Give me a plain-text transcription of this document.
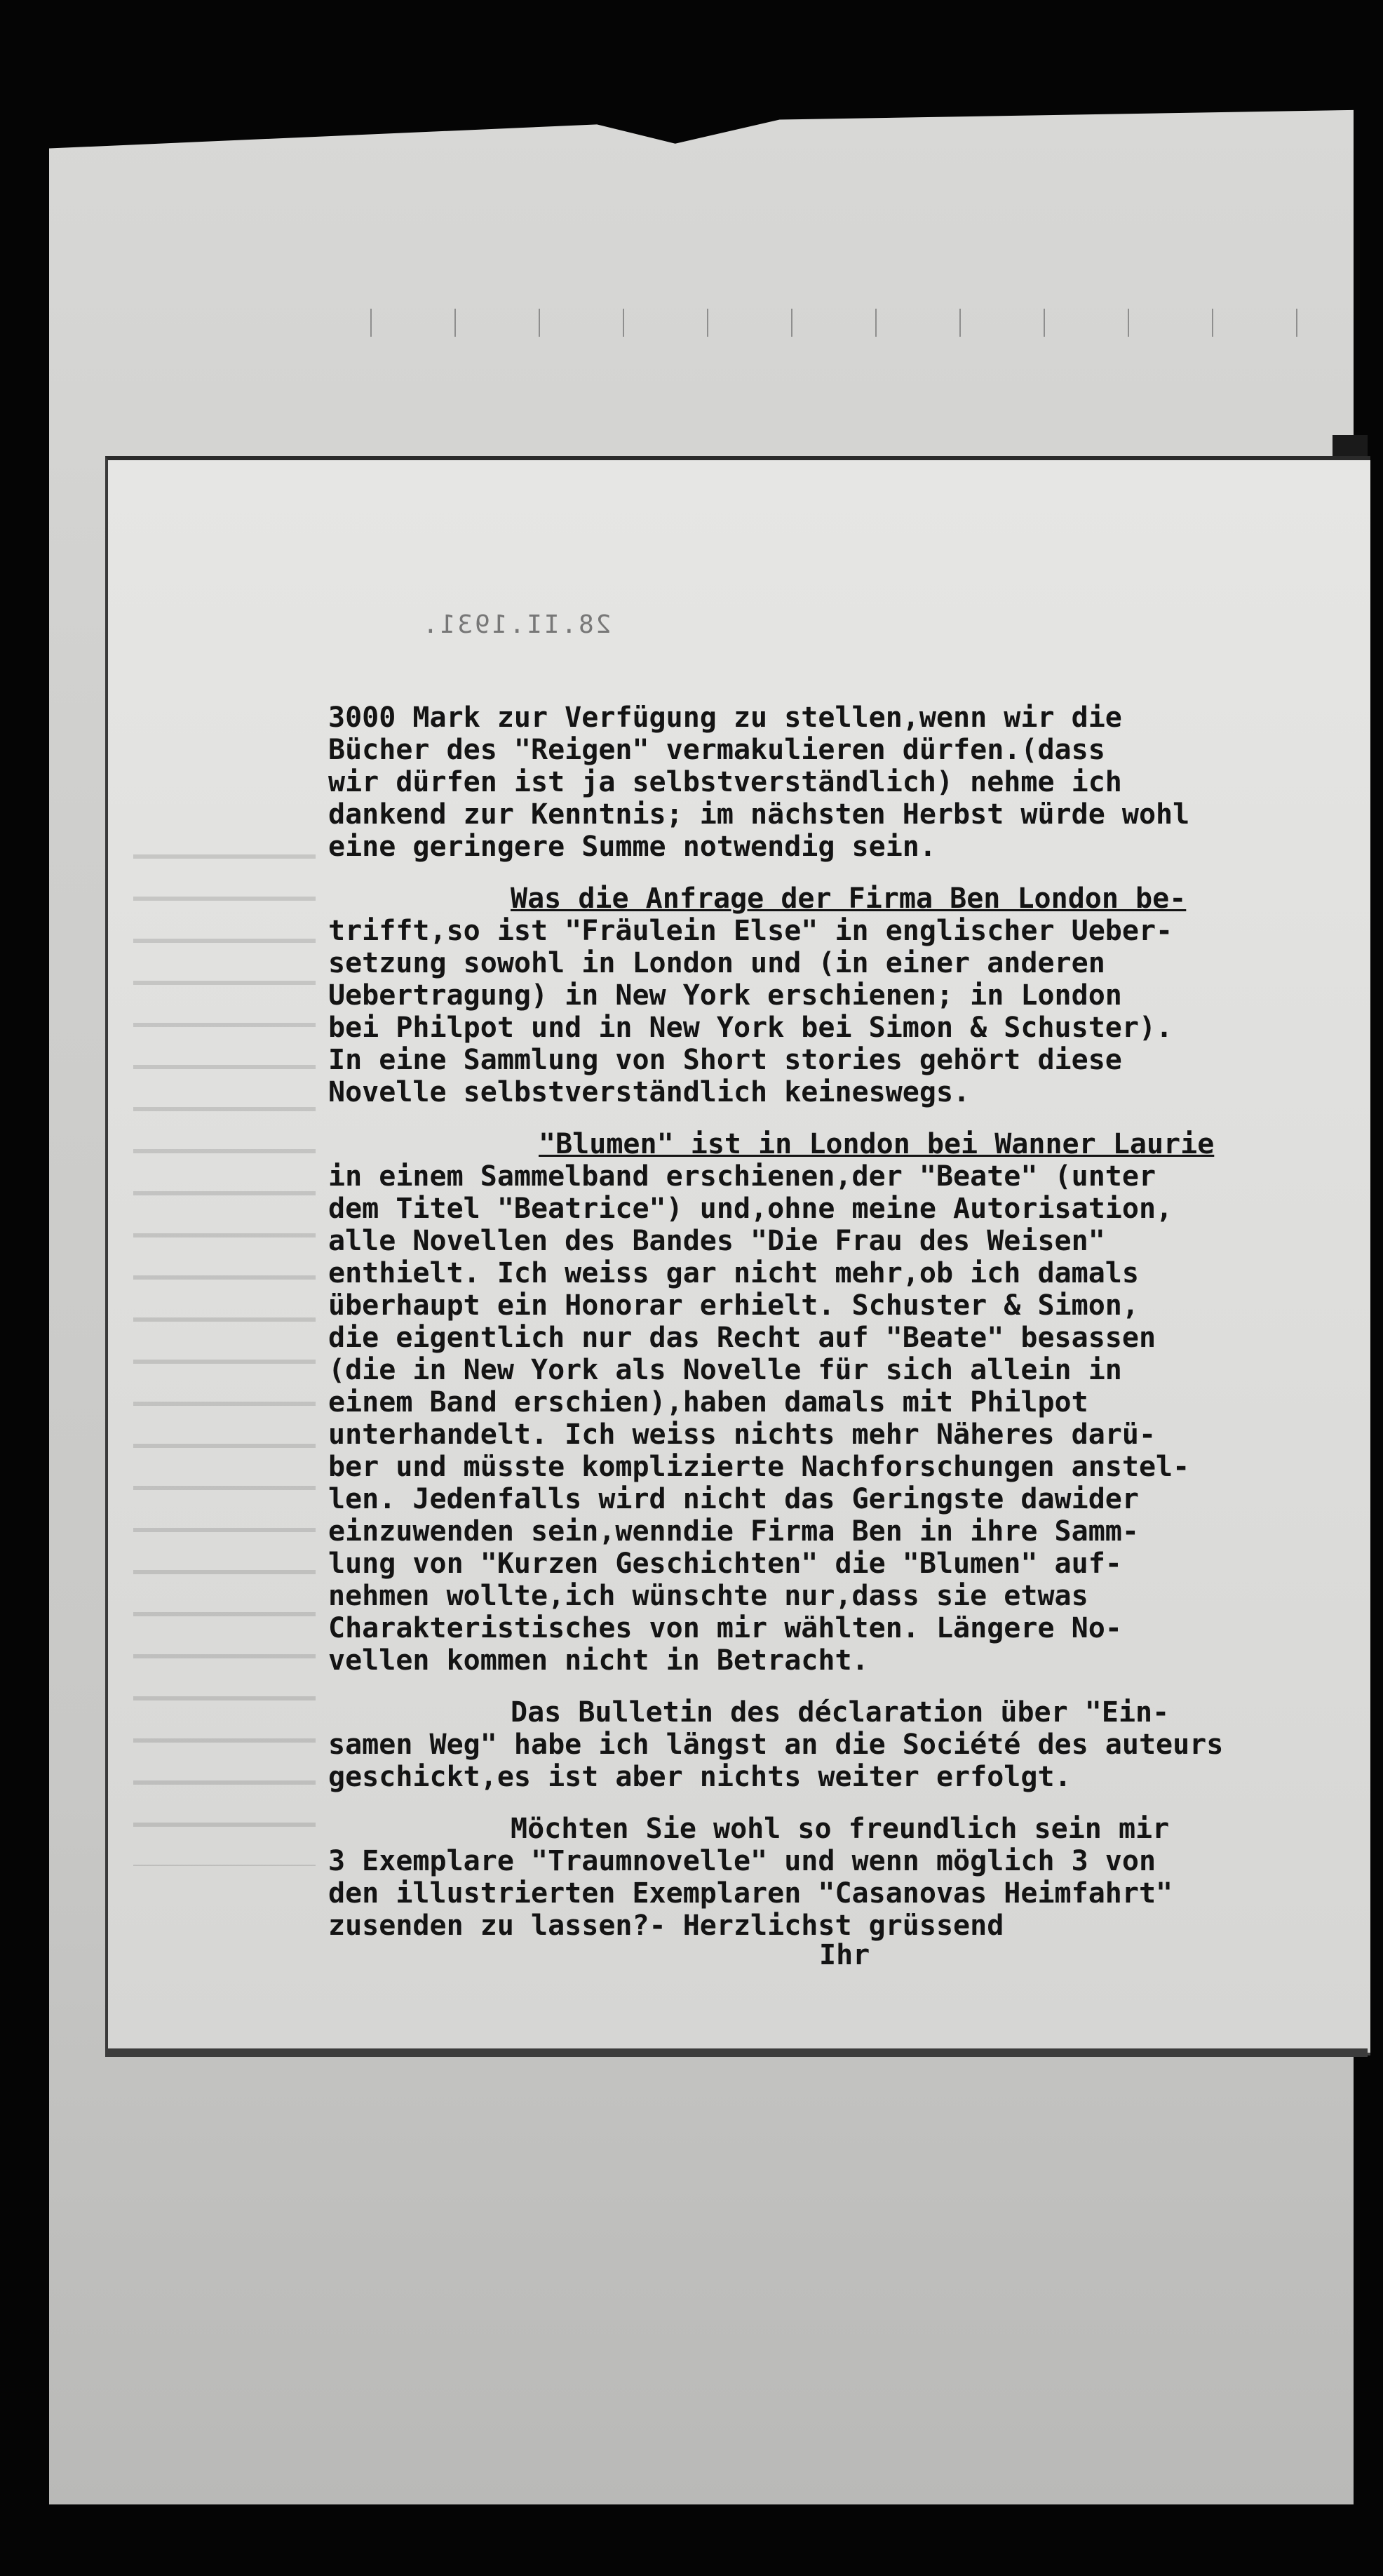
28.II.1931.

3000 Mark zur Verfügung zu stellen,wenn wir die
Bücher des "Reigen" vermakulieren dürfen.(dass
wir dürfen ist ja selbstverständlich) nehme ich
dankend zur Kenntnis; im nächsten Herbst würde wohl
eine geringere Summe notwendig sein.

Was die Anfrage der Firma Ben London be-
trifft,so ist "Fräulein Else" in englischer Ueber-
setzung sowohl in London und (in einer anderen
Uebertragung) in New York erschienen; in London
bei Philpot und in New York bei Simon & Schuster).
In eine Sammlung von Short stories gehört diese
Novelle selbstverständlich keineswegs.

"Blumen" ist in London bei Wanner Laurie
in einem Sammelband erschienen,der "Beate" (unter
dem Titel "Beatrice") und,ohne meine Autorisation,
alle Novellen des Bandes "Die Frau des Weisen"
enthielt. Ich weiss gar nicht mehr,ob ich damals
überhaupt ein Honorar erhielt. Schuster & Simon,
die eigentlich nur das Recht auf "Beate" besassen
(die in New York als Novelle für sich allein in
einem Band erschien),haben damals mit Philpot
unterhandelt. Ich weiss nichts mehr Näheres darü-
ber und müsste komplizierte Nachforschungen anstel-
len. Jedenfalls wird nicht das Geringste dawider
einzuwenden sein,wenndie Firma Ben in ihre Samm-
lung von "Kurzen Geschichten" die "Blumen" auf-
nehmen wollte,ich wünschte nur,dass sie etwas
Charakteristisches von mir wählten. Längere No-
vellen kommen nicht in Betracht.

Das Bulletin des déclaration über "Ein-
samen Weg" habe ich längst an die Société des auteurs
geschickt,es ist aber nichts weiter erfolgt.

Möchten Sie wohl so freundlich sein mir
3 Exemplare "Traumnovelle" und wenn möglich 3 von
den illustrierten Exemplaren "Casanovas Heimfahrt"
zusenden zu lassen?- Herzlichst grüssend
Ihr
